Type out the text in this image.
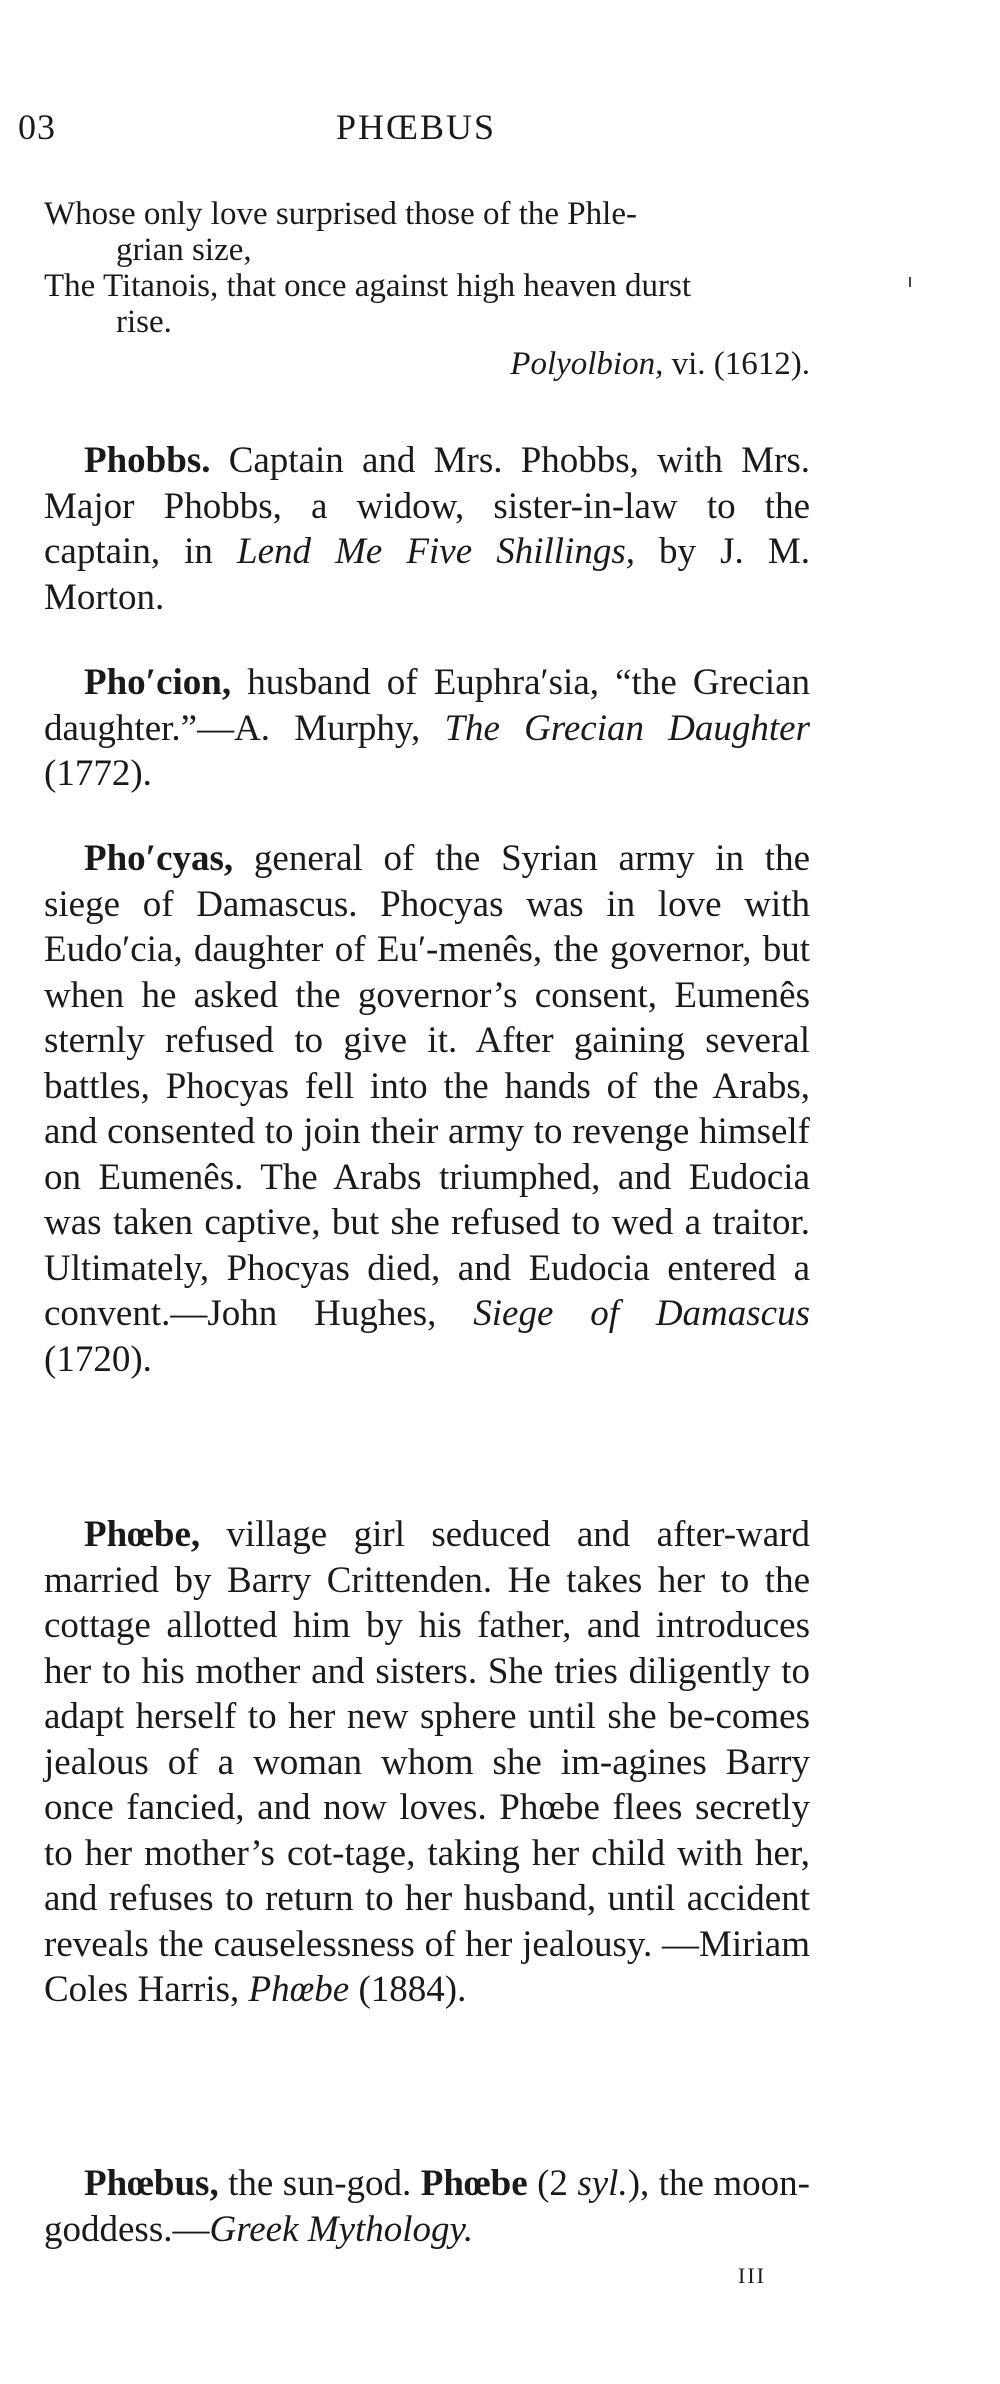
03	PHŒBUS

Whose only love surprised those of the Phle-

grian size,

The Titanois, that once against high heaven durst

rise.

Polyolbion, vi. (1612).

Phobbs. Captain and Mrs. Phobbs, with Mrs. Major Phobbs, a widow, sister-in-law to the captain, in Lend Me Five Shillings, by J. M. Morton.

Pho′cion, husband of Euphra′sia, “the Grecian daughter.”—A. Murphy, The Grecian Daughter (1772).

Pho′cyas, general of the Syrian army in the siege of Damascus. Phocyas was in love with Eudo′cia, daughter of Eu′-menês, the governor, but when he asked the governor’s consent, Eumenês sternly refused to give it. After gaining several battles, Phocyas fell into the hands of the Arabs, and consented to join their army to revenge himself on Eumenês. The Arabs triumphed, and Eudocia was taken captive, but she refused to wed a traitor. Ultimately, Phocyas died, and Eudocia entered a convent.—John Hughes, Siege of Damascus (1720).

Phœbe, village girl seduced and after-ward married by Barry Crittenden. He takes her to the cottage allotted him by his father, and introduces her to his mother and sisters. She tries diligently to adapt herself to her new sphere until she be-comes jealous of a woman whom she im-agines Barry once fancied, and now loves. Phœbe flees secretly to her mother’s cot-tage, taking her child with her, and refuses to return to her husband, until accident reveals the causelessness of her jealousy. —Miriam Coles Harris, Phœbe (1884).

Phœbus, the sun-god. Phœbe (2 syl.), the moon-goddess.—Greek Mythology.

III
